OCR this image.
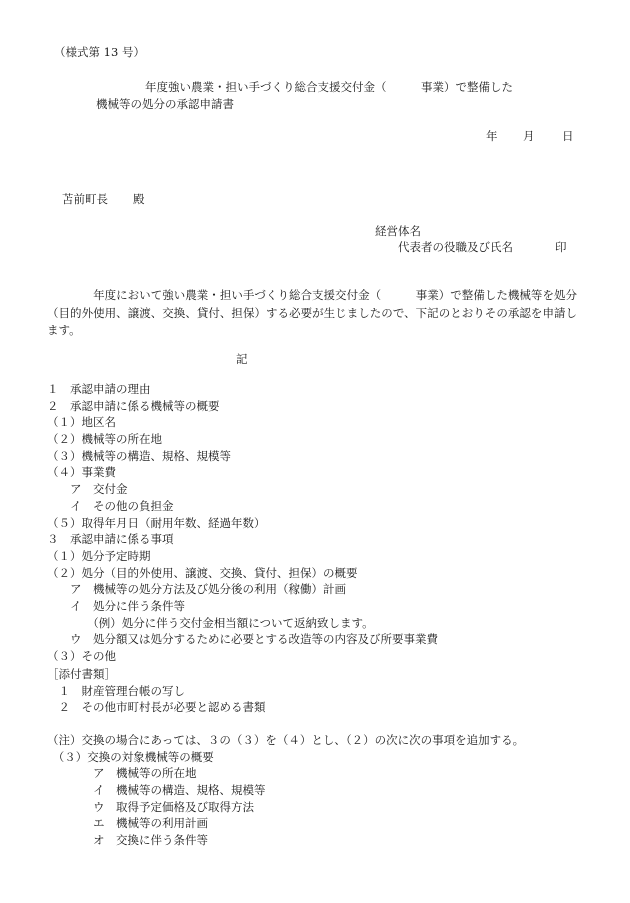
（様式第 13 号）
年度強い農業・担い手づくり総合支援交付金（　　　事業）で整備した
機械等の処分の承認申請書
年 月 日
苫前町長 殿
経営体名
代表者の役職及び氏名	印
　　　　年度において強い農業・担い手づくり総合支援交付金（　　　事業）で整備した機械等を処分（目的外使用、譲渡、交換、貸付、担保）する必要が生じましたので、下記のとおりその承認を申請します。
記
１　承認申請の理由
２　承認申請に係る機械等の概要
（１）地区名
（２）機械等の所在地
（３）機械等の構造、規格、規模等
（４）事業費
　　ア　交付金
　　イ　その他の負担金
（５）取得年月日（耐用年数、経過年数）
３　承認申請に係る事項
（１）処分予定時期
（２）処分（目的外使用、譲渡、交換、貸付、担保）の概要
　　ア　機械等の処分方法及び処分後の利用（稼働）計画
　　イ　処分に伴う条件等
　　　　（例）処分に伴う交付金相当額について返納致します。
　　ウ　処分額又は処分するために必要とする改造等の内容及び所要事業費
（３）その他
［添付書類］
　１　財産管理台帳の写し
　２　その他市町村長が必要と認める書類
（注）交換の場合にあっては、３の（３）を（４）とし、（２）の次に次の事項を追加する。
　（３）交換の対象機械等の概要
　　　　ア　機械等の所在地
　　　　イ　機械等の構造、規格、規模等
　　　　ウ　取得予定価格及び取得方法
　　　　エ　機械等の利用計画
　　　　オ　交換に伴う条件等
